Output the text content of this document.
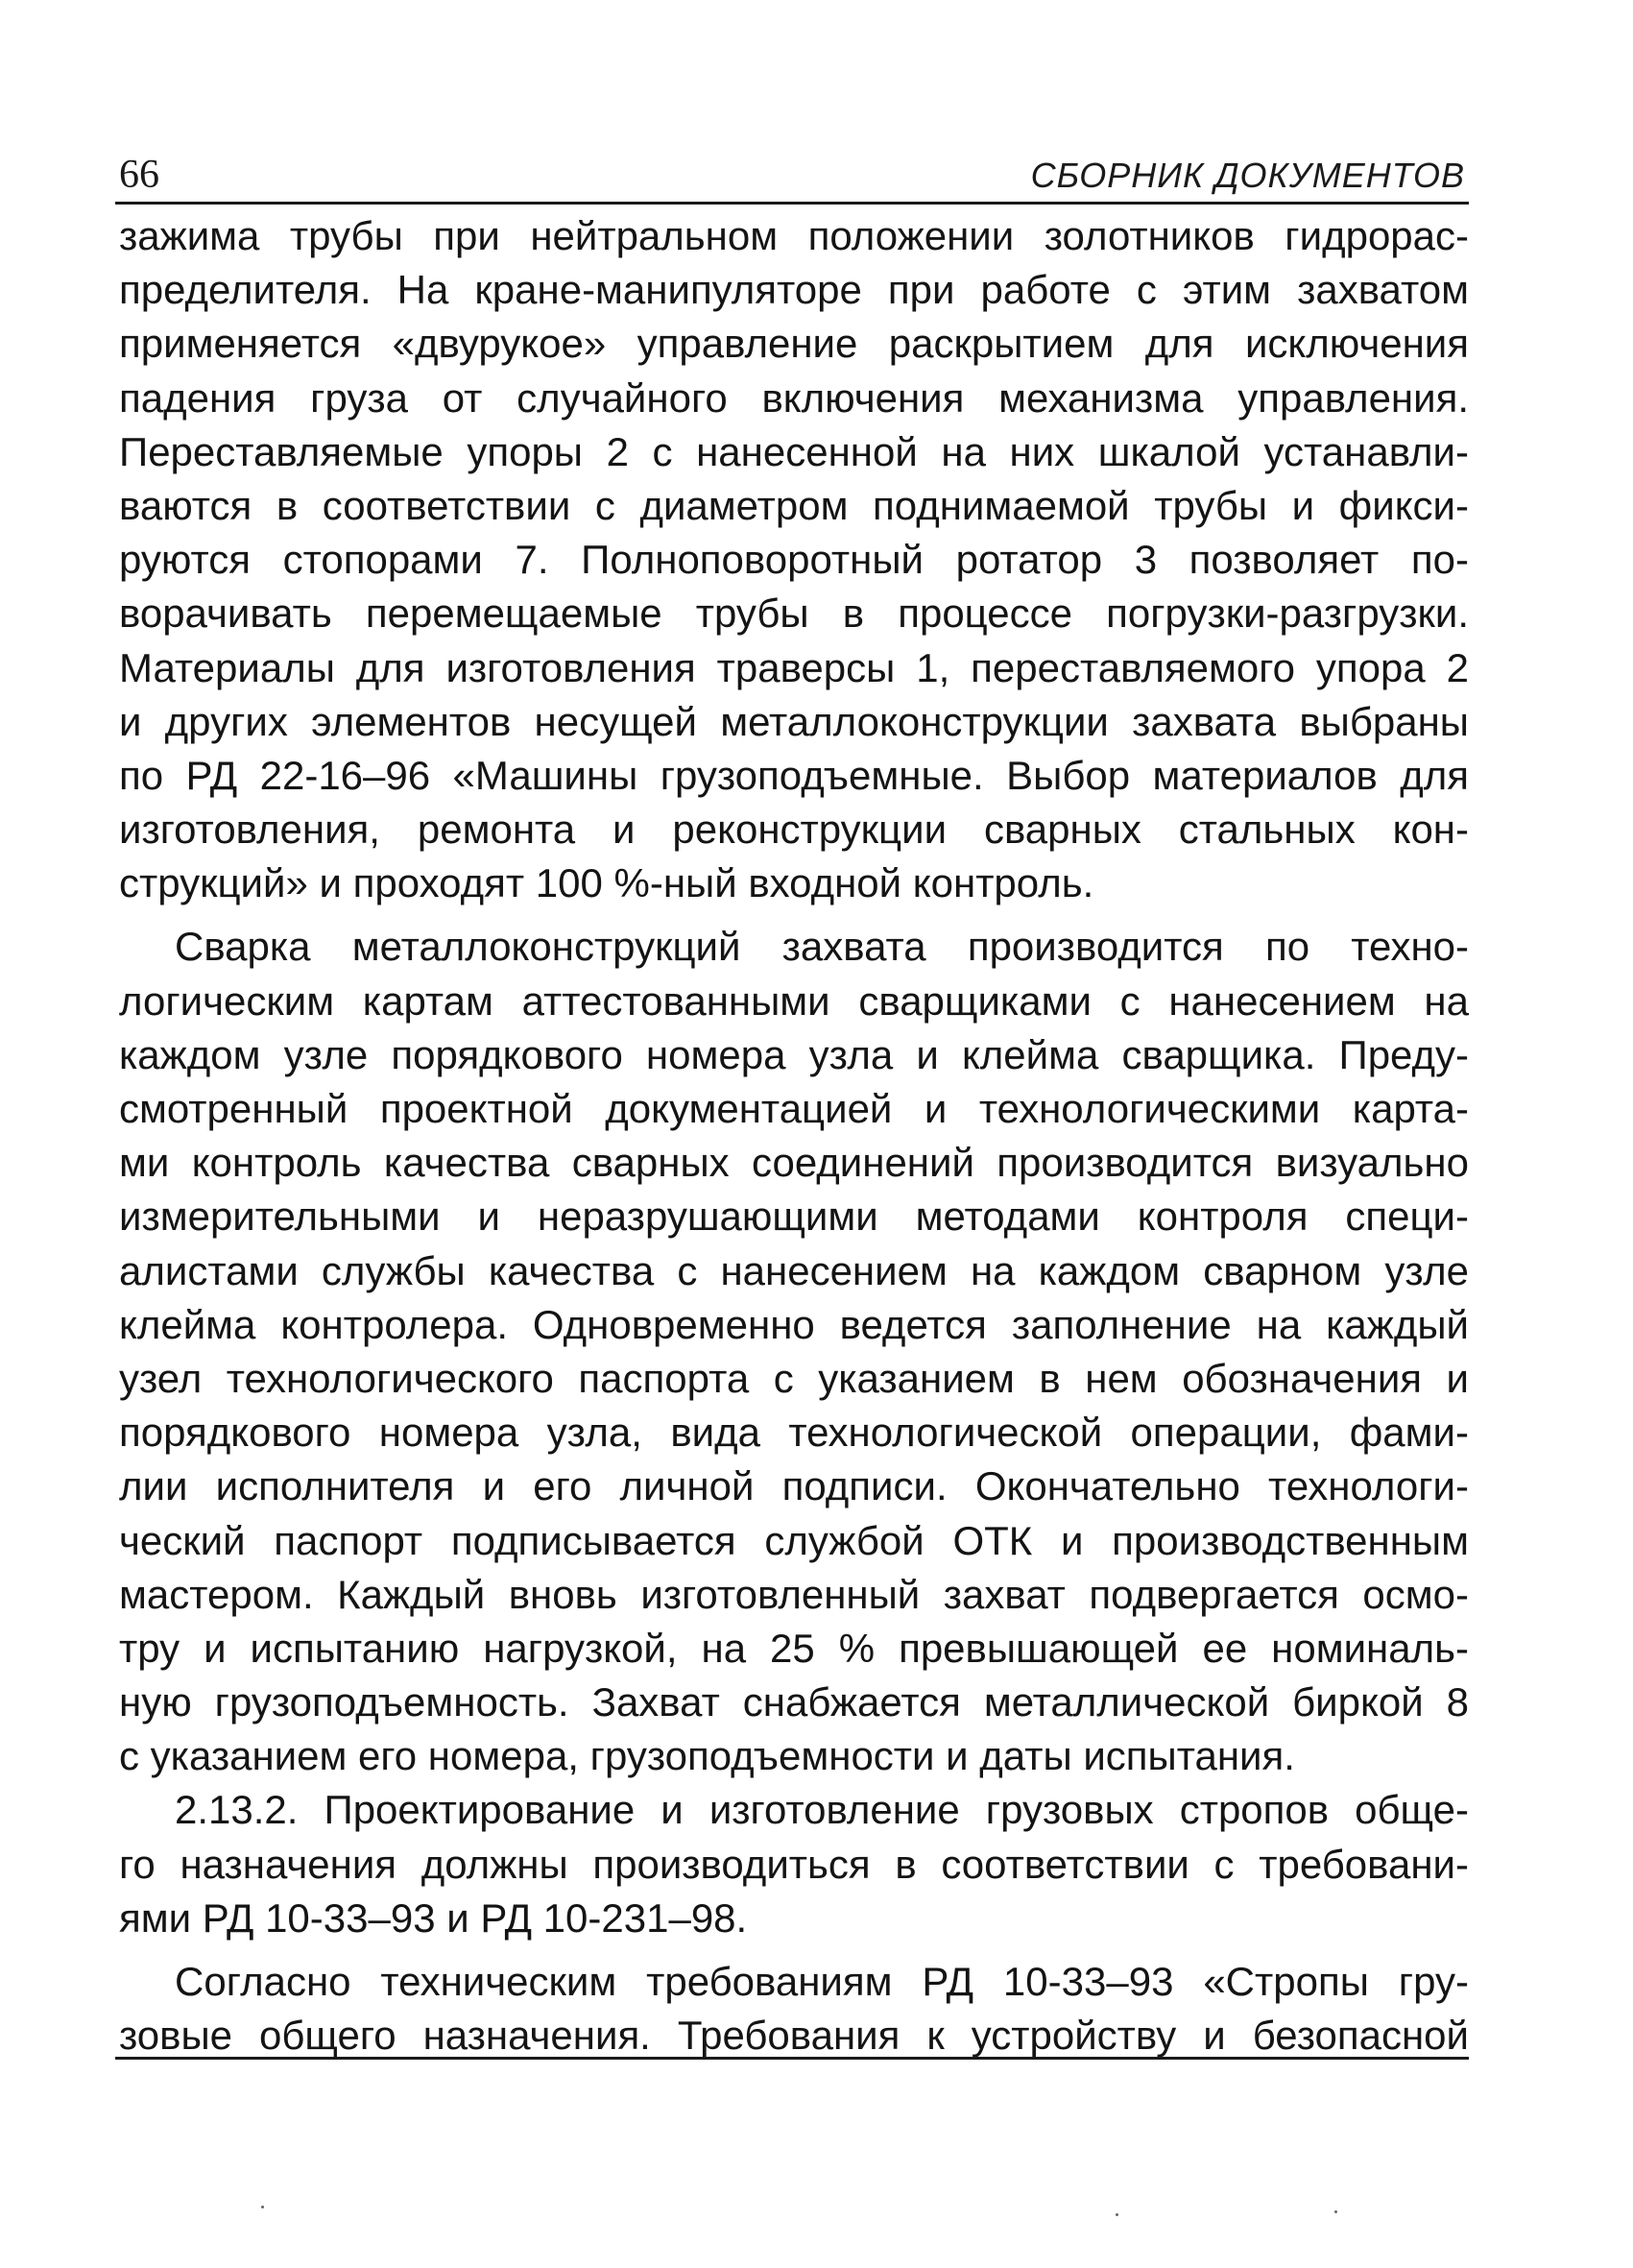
66	СБОРНИК ДОКУМЕНТОВ
зажима трубы при нейтральном положении золотников гидрорас-
пределителя. На кране-манипуляторе при работе с этим захватом
применяется «двурукое» управление раскрытием для исключения
падения груза от случайного включения механизма управления.
Переставляемые упоры 2 с нанесенной на них шкалой устанавли-
ваются в соответствии с диаметром поднимаемой трубы и фикси-
руются стопорами 7. Полноповоротный ротатор 3 позволяет по-
ворачивать перемещаемые трубы в процессе погрузки-разгрузки.
Материалы для изготовления траверсы 1, переставляемого упора 2
и других элементов несущей металлоконструкции захвата выбраны
по РД 22-16–96 «Машины грузоподъемные. Выбор материалов для
изготовления, ремонта и реконструкции сварных стальных кон-
струкций» и проходят 100 %-ный входной контроль.
Сварка металлоконструкций захвата производится по техно-
логическим картам аттестованными сварщиками с нанесением на
каждом узле порядкового номера узла и клейма сварщика. Преду-
смотренный проектной документацией и технологическими карта-
ми контроль качества сварных соединений производится визуально
измерительными и неразрушающими методами контроля специ-
алистами службы качества с нанесением на каждом сварном узле
клейма контролера. Одновременно ведется заполнение на каждый
узел технологического паспорта с указанием в нем обозначения и
порядкового номера узла, вида технологической операции, фами-
лии исполнителя и его личной подписи. Окончательно технологи-
ческий паспорт подписывается службой ОТК и производственным
мастером. Каждый вновь изготовленный захват подвергается осмо-
тру и испытанию нагрузкой, на 25 % превышающей ее номиналь-
ную грузоподъемность. Захват снабжается металлической биркой 8
с указанием его номера, грузоподъемности и даты испытания.
2.13.2. Проектирование и изготовление грузовых стропов обще-
го назначения должны производиться в соответствии с требовани-
ями РД 10-33–93 и РД 10-231–98.
Согласно техническим требованиям РД 10-33–93 «Стропы гру-
зовые общего назначения. Требования к устройству и безопасной
